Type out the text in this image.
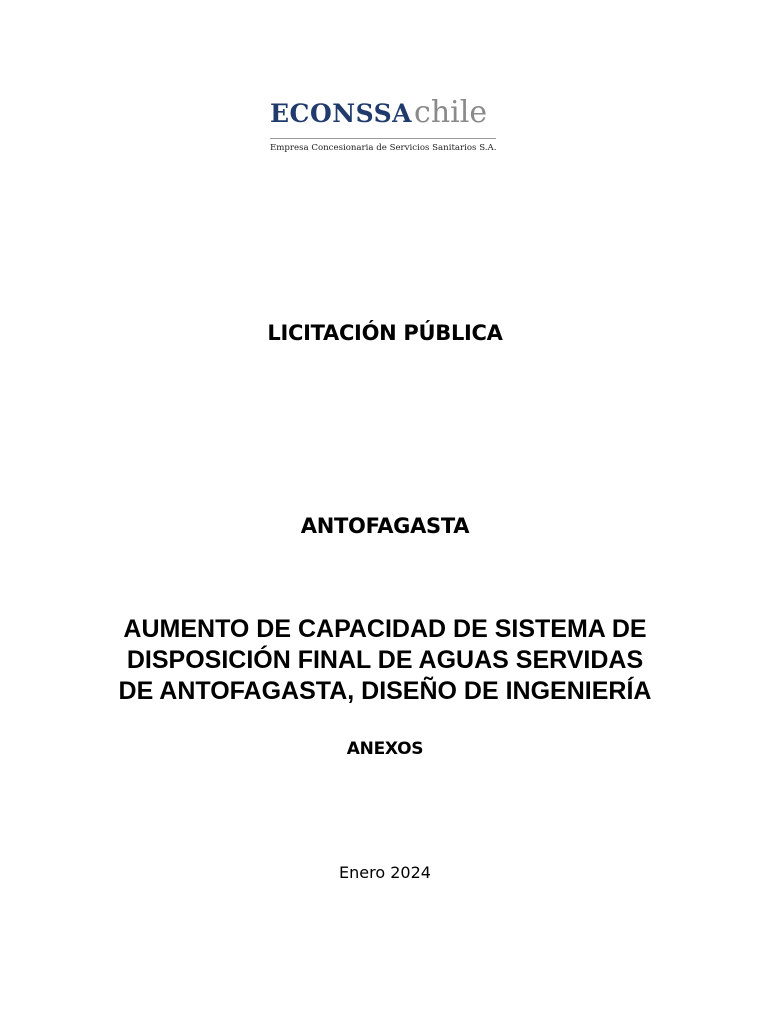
ECONSSAchile
Empresa Concesionaria de Servicios Sanitarios S.A.
LICITACIÓN PÚBLICA
ANTOFAGASTA
AUMENTO DE CAPACIDAD DE SISTEMA DE
DISPOSICIÓN FINAL DE AGUAS SERVIDAS
DE ANTOFAGASTA, DISEÑO DE INGENIERÍA
ANEXOS
Enero 2024
